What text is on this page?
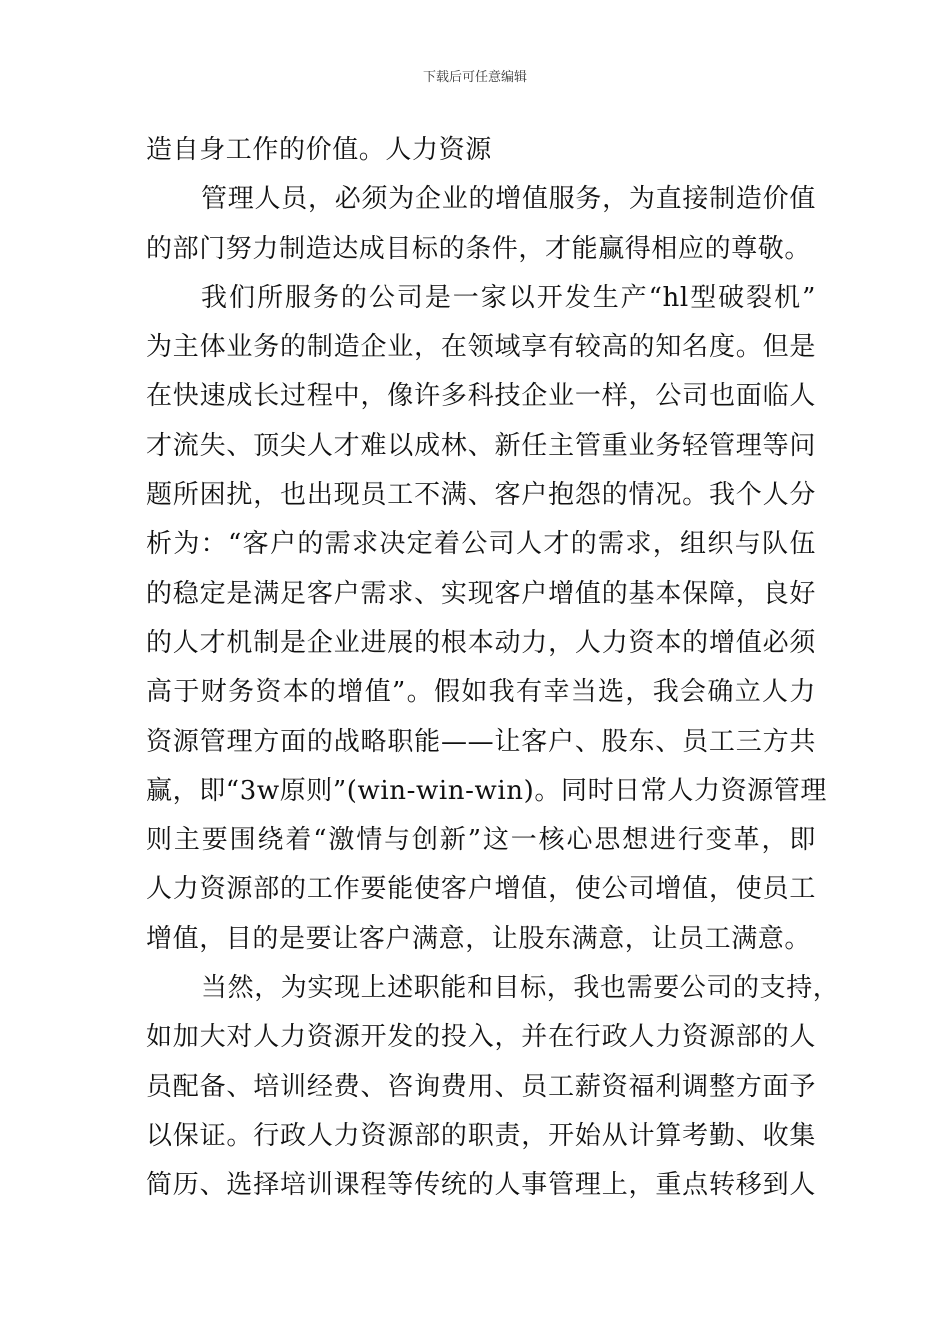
下载后可任意编辑
造自身工作的价值。人力资源
管理人员，必须为企业的增值服务，为直接制造价值
的部门努力制造达成目标的条件，才能赢得相应的尊敬。
我们所服务的公司是一家以开发生产“hl型破裂机”
为主体业务的制造企业，在领域享有较高的知名度。但是
在快速成长过程中，像许多科技企业一样，公司也面临人
才流失、顶尖人才难以成林、新任主管重业务轻管理等问
题所困扰，也出现员工不满、客户抱怨的情况。我个人分
析为：“客户的需求决定着公司人才的需求，组织与队伍
的稳定是满足客户需求、实现客户增值的基本保障，良好
的人才机制是企业进展的根本动力，人力资本的增值必须
高于财务资本的增值”。假如我有幸当选，我会确立人力
资源管理方面的战略职能——让客户、股东、员工三方共
赢，即“3w原则”(win-win-win)。同时日常人力资源管理
则主要围绕着“激情与创新”这一核心思想进行变革，即
人力资源部的工作要能使客户增值，使公司增值，使员工
增值，目的是要让客户满意，让股东满意，让员工满意。
当然，为实现上述职能和目标，我也需要公司的支持，
如加大对人力资源开发的投入，并在行政人力资源部的人
员配备、培训经费、咨询费用、员工薪资福利调整方面予
以保证。行政人力资源部的职责，开始从计算考勤、收集
简历、选择培训课程等传统的人事管理上，重点转移到人
